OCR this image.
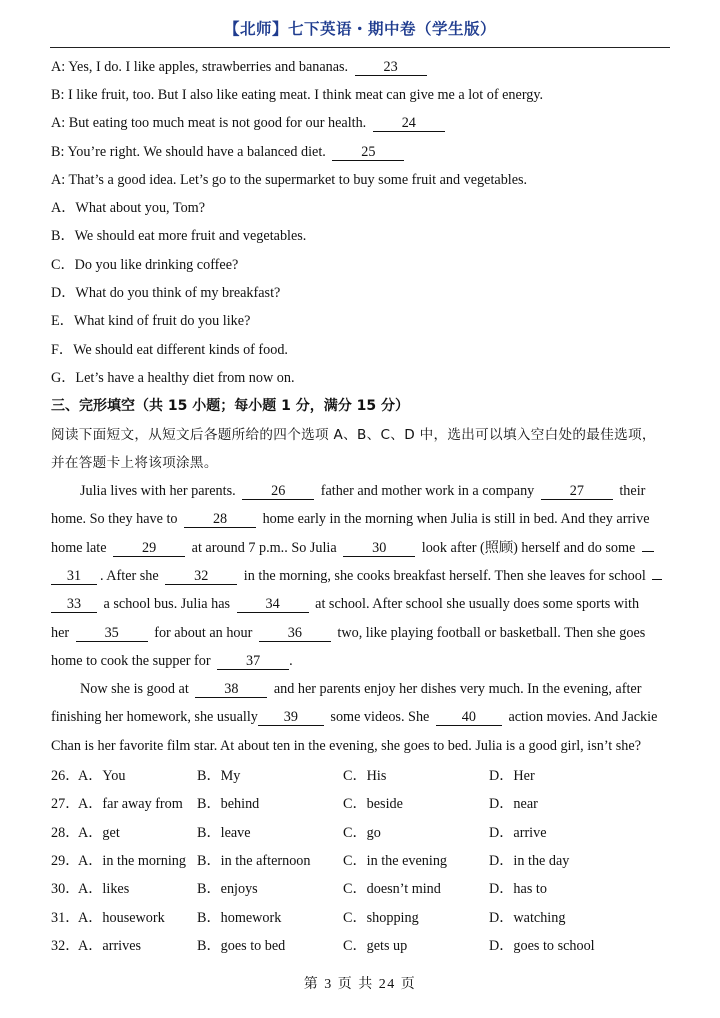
【北师】七下英语・期中卷（学生版）
A: Yes, I do. I like apples, strawberries and bananas. 23
B: I like fruit, too. But I also like eating meat. I think meat can give me a lot of energy.
A: But eating too much meat is not good for our health. 24
B: You’re right. We should have a balanced diet. 25
A: That’s a good idea. Let’s go to the supermarket to buy some fruit and vegetables.
A．What about you, Tom?
B．We should eat more fruit and vegetables.
C．Do you like drinking coffee?
D．What do you think of my breakfast?
E．What kind of fruit do you like?
F．We should eat different kinds of food.
G．Let’s have a healthy diet from now on.
三、完形填空（共 15 小题；每小题 1 分，满分 15 分）
阅读下面短文，从短文后各题所给的四个选项 A、B、C、D 中，选出可以填入空白处的最佳选项，
并在答题卡上将该项涂黑。
Julia lives with her parents. 26 father and mother work in a company 27 their
home. So they have to 28 home early in the morning when Julia is still in bed. And they arrive
home late 29 at around 7 p.m.. So Julia 30 look after (照顾) herself and do some
31 . After she 32 in the morning, she cooks breakfast herself. Then she leaves for school
33 a school bus. Julia has 34 at school. After school she usually does some sports with
her 35 for about an hour 36 two, like playing football or basketball. Then she goes
home to cook the supper for 37 .
Now she is good at 38 and her parents enjoy her dishes very much. In the evening, after
finishing her homework, she usually 39 some videos. She 40 action movies. And Jackie
Chan is her favorite film star. At about ten in the evening, she goes to bed. Julia is a good girl, isn’t she?
26．
A．You	B．My	C．His	D．Her
27．
A．far away from B．behind	C．beside	D．near
28．
A．get	B．leave	C．go	D．arrive
29．
A．in the morning B．in the afternoon C．in the evening	D．in the day
30．
A．likes	B．enjoys	C．doesn’t mind	D．has to
31．
A．housework B．homework	C．shopping	D．watching
32．
A．arrives	B．goes to bed	C．gets up	D．goes to school
第 3 页 共 24 页
